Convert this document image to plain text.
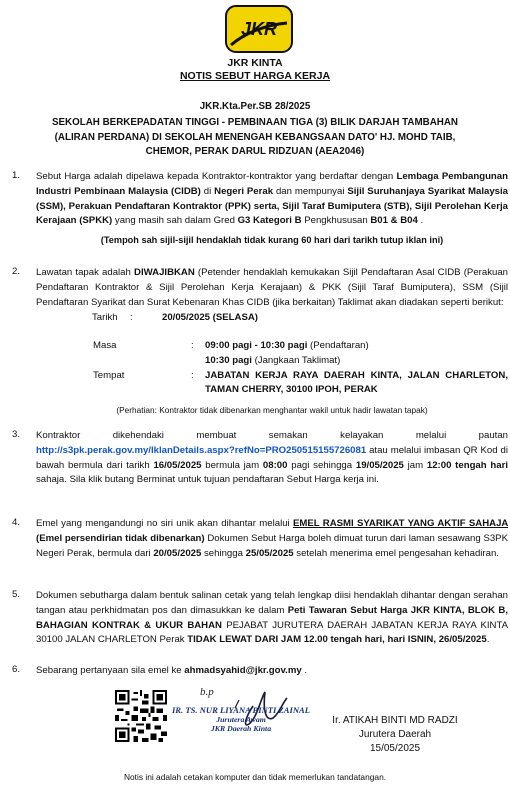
JKR
JKR KINTA
NOTIS SEBUT HARGA KERJA
JKR.Kta.Per.SB 28/2025
SEKOLAH BERKEPADATAN TINGGI - PEMBINAAN TIGA (3) BILIK DARJAH TAMBAHAN
(ALIRAN PERDANA) DI SEKOLAH MENENGAH KEBANGSAAN DATO' HJ. MOHD TAIB,
CHEMOR, PERAK DARUL RIDZUAN (AEA2046)
1. Sebut Harga adalah dipelawa kepada Kontraktor-kontraktor yang berdaftar dengan Lembaga Pembangunan Industri Pembinaan Malaysia (CIDB) di Negeri Perak dan mempunyai Sijil Suruhanjaya Syarikat Malaysia (SSM), Perakuan Pendaftaran Kontraktor (PPK) serta, Sijil Taraf Bumiputera (STB), Sijil Perolehan Kerja Kerajaan (SPKK) yang masih sah dalam Gred G3 Kategori B Pengkhususan B01 & B04 .
(Tempoh sah sijil-sijil hendaklah tidak kurang 60 hari dari tarikh tutup iklan ini)
2. Lawatan tapak adalah DIWAJIBKAN (Petender hendaklah kemukakan Sijil Pendaftaran Asal CIDB (Perakuan Pendaftaran Kontraktor & Sijil Perolehan Kerja Kerajaan) & PKK (Sijil Taraf Bumiputera), SSM (Sijil Pendaftaran Syarikat dan Surat Kebenaran Khas CIDB (jika berkaitan) Taklimat akan diadakan seperti berikut:
Tarikh	:	20/05/2025 (SELASA)
Masa	: 09:00 pagi - 10:30 pagi (Pendaftaran)
10:30 pagi (Jangkaan Taklimat)
Tempat	: JABATAN KERJA RAYA DAERAH KINTA, JALAN CHARLETON, TAMAN CHERRY, 30100 IPOH, PERAK
(Perhatian: Kontraktor tidak dibenarkan menghantar wakil untuk hadir lawatan tapak)
3. Kontraktor dikehendaki membuat semakan kelayakan melalui pautan http://s3pk.perak.gov.my/IklanDetails.aspx?refNo=PRO250515155726081 atau melalui imbasan QR Kod di bawah bermula dari tarikh 16/05/2025 bermula jam 08:00 pagi sehingga 19/05/2025 jam 12:00 tengah hari sahaja. Sila klik butang Berminat untuk tujuan pendaftaran Sebut Harga kerja ini.
4. Emel yang mengandungi no siri unik akan dihantar melalui EMEL RASMI SYARIKAT YANG AKTIF SAHAJA (Emel persendirian tidak dibenarkan) Dokumen Sebut Harga boleh dimuat turun dari laman sesawang S3PK Negeri Perak, bermula dari 20/05/2025 sehingga 25/05/2025 setelah menerima emel pengesahan kehadiran.
5. Dokumen sebutharga dalam bentuk salinan cetak yang telah lengkap diisi hendaklah dihantar dengan serahan tangan atau perkhidmatan pos dan dimasukkan ke dalam Peti Tawaran Sebut Harga JKR KINTA, BLOK B, BAHAGIAN KONTRAK & UKUR BAHAN PEJABAT JURUTERA DAERAH JABATAN KERJA RAYA KINTA 30100 JALAN CHARLETON Perak TIDAK LEWAT DARI JAM 12.00 tengah hari, hari ISNIN, 26/05/2025.
6. Sebarang pertanyaan sila emel ke ahmadsyahid@jkr.gov.my .
b.p
IR. TS. NUR LIYANA BINTI ZAINAL
Jurutera Awam
JKR Daerah Kinta
Ir. ATIKAH BINTI MD RADZI
Jurutera Daerah
15/05/2025
Notis ini adalah cetakan komputer dan tidak memerlukan tandatangan.
